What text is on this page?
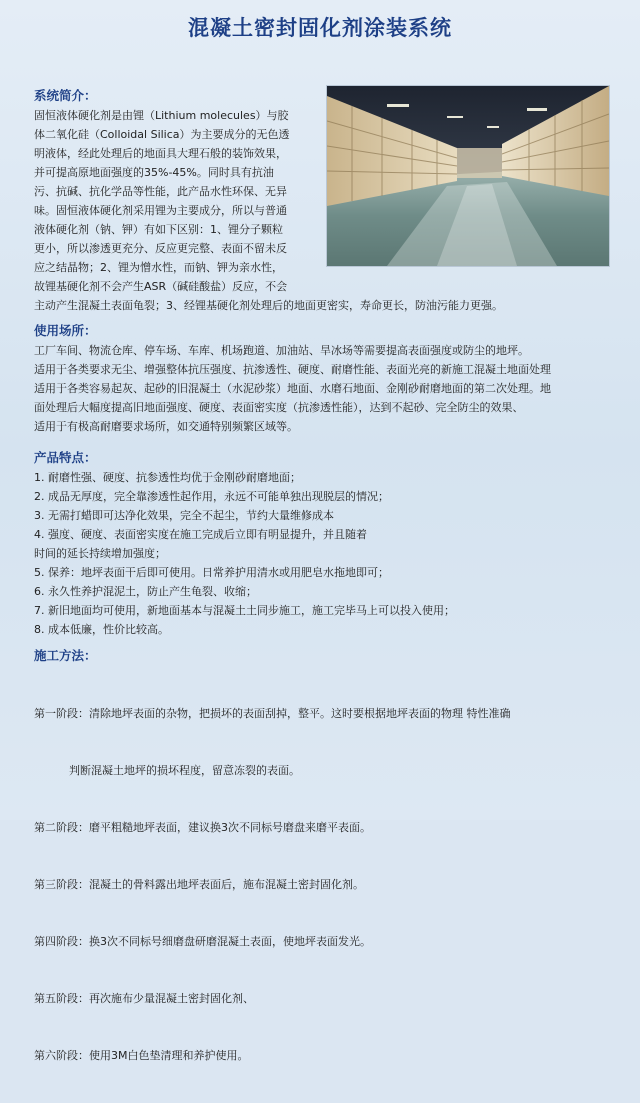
混凝土密封固化剂涂装系统
系统简介：
固恒液体硬化剂是由锂（Lithium molecules）与胶
体二氧化硅（Colloidal Silica）为主要成分的无色透
明液体，经此处理后的地面具大理石般的装饰效果，
并可提高原地面强度的35%-45%。同时具有抗油
污、抗碱、抗化学品等性能，此产品水性环保、无异
味。固恒液体硬化剂采用锂为主要成分，所以与普通
液体硬化剂（钠、钾）有如下区别：1、锂分子颗粒
更小，所以渗透更充分、反应更完整、表面不留未反
应之结晶物；2、锂为憎水性，而钠、钾为亲水性，
故锂基硬化剂不会产生ASR（碱硅酸盐）反应，不会
主动产生混凝土表面龟裂；3、经锂基硬化剂处理后的地面更密实，寿命更长，防油污能力更强。
使用场所：
工厂车间、物流仓库、停车场、车库、机场跑道、加油站、旱冰场等需要提高表面强度或防尘的地坪。
适用于各类要求无尘、增强整体抗压强度、抗渗透性、硬度、耐磨性能、表面光亮的新施工混凝土地面处理
适用于各类容易起灰、起砂的旧混凝土（水泥砂浆）地面、水磨石地面、金刚砂耐磨地面的第二次处理。地
面处理后大幅度提高旧地面强度、硬度、表面密实度（抗渗透性能），达到不起砂、完全防尘的效果、
适用于有极高耐磨要求场所，如交通特别频繁区域等。
产品特点：
1. 耐磨性强、硬度、抗参透性均优于金刚砂耐磨地面；
2. 成品无厚度，完全靠渗透性起作用，永远不可能单独出现脱层的情况；
3. 无需打蜡即可达净化效果，完全不起尘，节约大量维修成本
4. 强度、硬度、表面密实度在施工完成后立即有明显提升，并且随着
时间的延长持续增加强度；
5. 保养：地坪表面干后即可使用。日常养护用清水或用肥皂水拖地即可；
6. 永久性养护混泥土，防止产生龟裂、收缩；
7. 新旧地面均可使用，新地面基本与混凝土土同步施工，施工完毕马上可以投入使用；
8. 成本低廉，性价比较高。
施工方法：

第一阶段：清除地坪表面的杂物，把损坏的表面刮掉，整平。这时要根据地坪表面的物理 特性准确

判断混凝土地坪的损坏程度，留意冻裂的表面。

第二阶段：磨平粗糙地坪表面，建议换3次不同标号磨盘来磨平表面。

第三阶段：混凝土的骨料露出地坪表面后，施布混凝土密封固化剂。

第四阶段：换3次不同标号细磨盘研磨混凝土表面，使地坪表面发光。

第五阶段：再次施布少量混凝土密封固化剂、

第六阶段：使用3M白色垫清理和养护使用。
